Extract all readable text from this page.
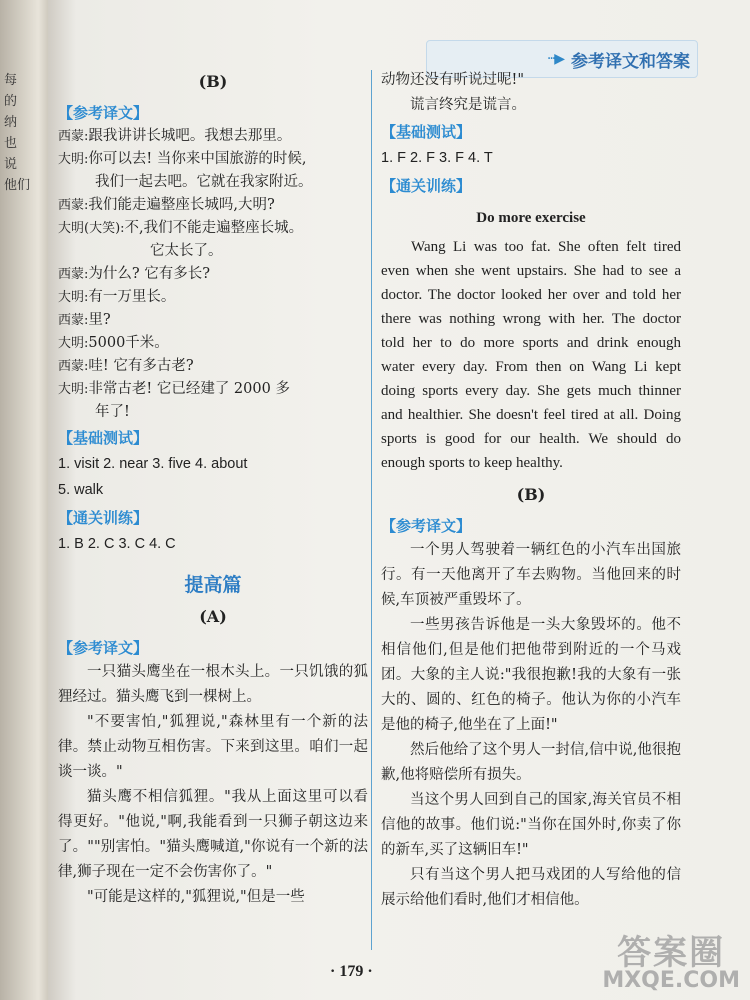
每
的
纳
也
说
他们
···▶ 参考译文和答案
(B)
【参考译文】
西蒙:跟我讲讲长城吧。我想去那里。
大明:你可以去! 当你来中国旅游的时候,
我们一起去吧。它就在我家附近。
西蒙:我们能走遍整座长城吗,大明?
大明(大笑):不,我们不能走遍整座长城。
它太长了。
西蒙:为什么? 它有多长?
大明:有一万里长。
西蒙:里?
大明:5000千米。
西蒙:哇! 它有多古老?
大明:非常古老! 它已经建了 2000 多
年了!
【基础测试】
1. visit 2. near 3. five 4. about
5. walk
【通关训练】
1. B 2. C 3. C 4. C
提高篇
(A)
【参考译文】

一只猫头鹰坐在一根木头上。一只饥饿的狐狸经过。猫头鹰飞到一棵树上。

"不要害怕,"狐狸说,"森林里有一个新的法律。禁止动物互相伤害。下来到这里。咱们一起谈一谈。"

猫头鹰不相信狐狸。"我从上面这里可以看得更好。"他说,"啊,我能看到一只狮子朝这边来了。""别害怕。"猫头鹰喊道,"你说有一个新的法律,狮子现在一定不会伤害你了。"

"可能是这样的,"狐狸说,"但是一些

动物还没有听说过呢!"

谎言终究是谎言。

【基础测试】
1. F 2. F 3. F 4. T
【通关训练】
Do more exercise

Wang Li was too fat. She often felt tired even when she went upstairs. She had to see a doctor. The doctor looked her over and told her there was nothing wrong with her. The doctor told her to do more sports and drink enough water every day. From then on Wang Li kept doing sports every day. She gets much thinner and healthier. She doesn't feel tired at all. Doing sports is good for our health. We should do enough sports to keep healthy.

(B)
【参考译文】

一个男人驾驶着一辆红色的小汽车出国旅行。有一天他离开了车去购物。当他回来的时候,车顶被严重毁坏了。

一些男孩告诉他是一头大象毁坏的。他不相信他们,但是他们把他带到附近的一个马戏团。大象的主人说:"我很抱歉!我的大象有一张大的、圆的、红色的椅子。他认为你的小汽车是他的椅子,他坐在了上面!"

然后他给了这个男人一封信,信中说,他很抱歉,他将赔偿所有损失。

当这个男人回到自己的国家,海关官员不相信他的故事。他们说:"当你在国外时,你卖了你的新车,买了这辆旧车!"

只有当这个男人把马戏团的人写给他的信展示给他们看时,他们才相信他。

· 179 ·	答案圈
MXQE.COM
